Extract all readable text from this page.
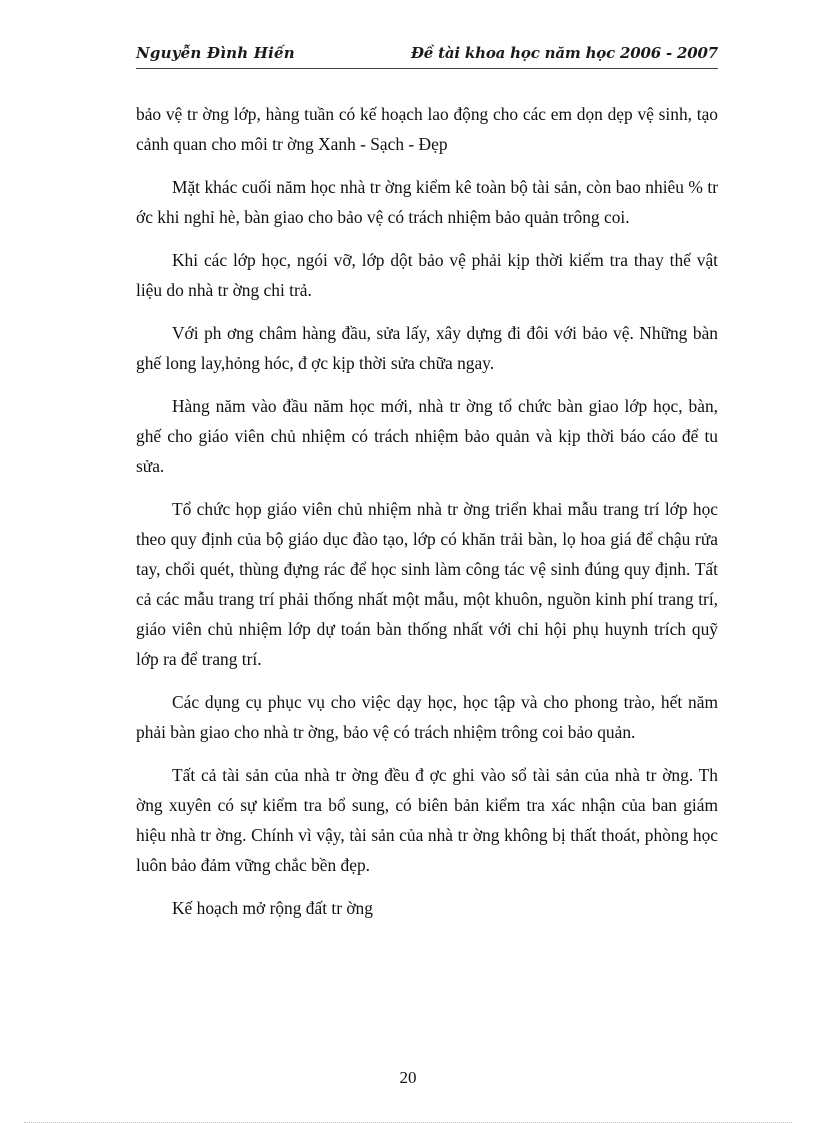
Nguyễn Đình Hiến	Đề tài khoa học năm học 2006 - 2007

bảo vệ tr ờng lớp, hàng tuần có kế hoạch lao động cho các em dọn dẹp vệ sinh, tạo cảnh quan cho môi tr ờng Xanh - Sạch - Đẹp

Mặt khác cuối năm học nhà tr ờng kiểm kê toàn bộ tài sản, còn bao nhiêu % tr ớc khi nghỉ hè, bàn giao cho bảo vệ có trách nhiệm bảo quản trông coi.

Khi các lớp học, ngói vỡ, lớp dột bảo vệ phải kịp thời kiểm tra thay thế vật liệu do nhà tr ờng chi trả.

Với ph ơng châm hàng đầu, sửa lấy, xây dựng đi đôi với bảo vệ. Những bàn ghế long lay,hỏng hóc, đ ợc kịp thời sửa chữa ngay.

Hàng năm vào đầu năm học mới, nhà tr ờng tổ chức bàn giao lớp học, bàn, ghế cho giáo viên chủ nhiệm có trách nhiệm bảo quản và kịp thời báo cáo để tu sửa.

Tổ chức họp giáo viên chủ nhiệm nhà tr ờng triển khai mẫu trang trí lớp học theo quy định của bộ giáo dục đào tạo, lớp có khăn trải bàn, lọ hoa giá để chậu rửa tay, chổi quét, thùng đựng rác để học sinh làm công tác vệ sinh đúng quy định. Tất cả các mẫu trang trí phải thống nhất một mẫu, một khuôn, nguồn kinh phí trang trí, giáo viên chủ nhiệm lớp dự toán bàn thống nhất với chi hội phụ huynh trích quỹ lớp ra để trang trí.

Các dụng cụ phục vụ cho việc dạy học, học tập và cho phong trào, hết năm phải bàn giao cho nhà tr ờng, bảo vệ có trách nhiệm trông coi bảo quản.

Tất cả tài sản của nhà tr ờng đều đ ợc ghi vào sổ tài sản của nhà tr ờng. Th ờng xuyên có sự kiểm tra bổ sung, có biên bản kiểm tra xác nhận của ban giám hiệu nhà tr ờng. Chính vì vậy, tài sản của nhà tr ờng không bị thất thoát, phòng học luôn bảo đảm vững chắc bền đẹp.

Kế hoạch mở rộng đất tr ờng

20
